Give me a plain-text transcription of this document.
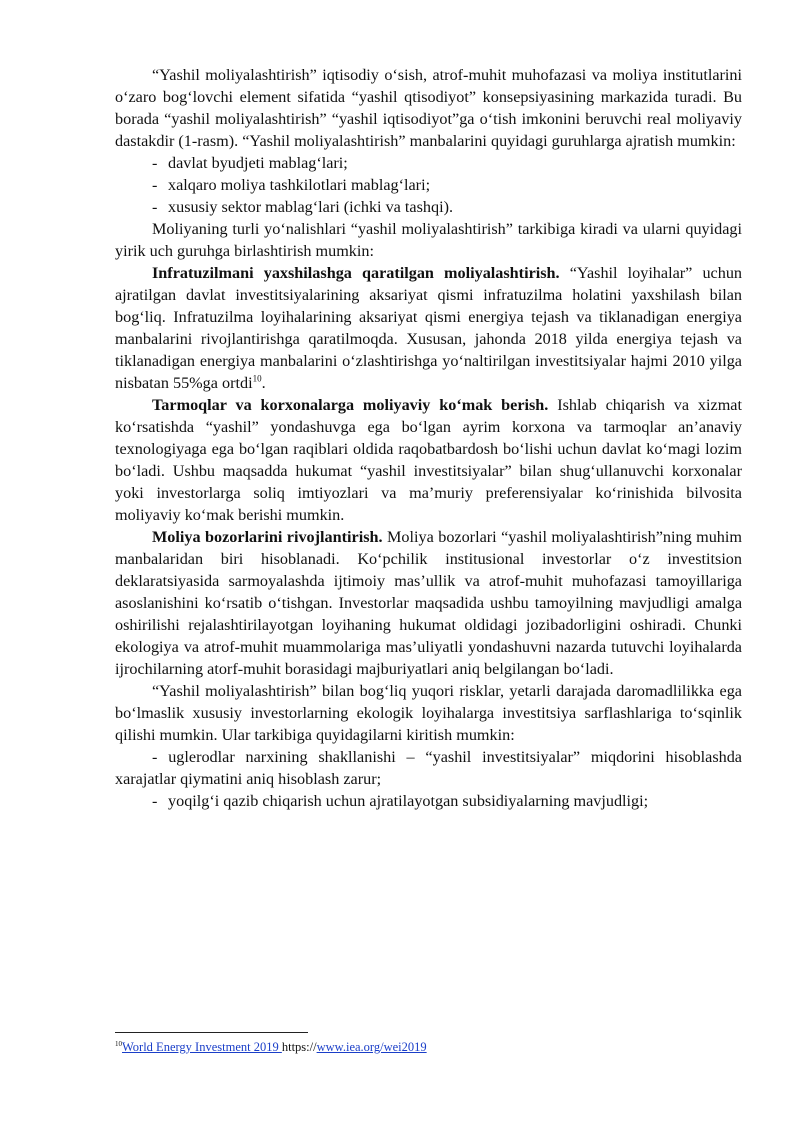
“Yashil moliyalashtirish” iqtisodiy o‘sish, atrof-muhit muhofazasi va moliya institutlarini o‘zaro bog‘lovchi element sifatida “yashil qtisodiyot” konsepsiyasining markazida turadi. Bu borada “yashil moliyalashtirish” “yashil iqtisodiyot”ga o‘tish imkonini beruvchi real moliyaviy dastakdir (1-rasm). “Yashil moliyalashtirish” manbalarini quyidagi guruhlarga ajratish mumkin:

- davlat byudjeti mablag‘lari;

- xalqaro moliya tashkilotlari mablag‘lari;

- xususiy sektor mablag‘lari (ichki va tashqi).

Moliyaning turli yo‘nalishlari “yashil moliyalashtirish” tarkibiga kiradi va ularni quyidagi yirik uch guruhga birlashtirish mumkin:

Infratuzilmani yaxshilashga qaratilgan moliyalashtirish. “Yashil loyihalar” uchun ajratilgan davlat investitsiyalarining aksariyat qismi infratuzilma holatini yaxshilash bilan bog‘liq. Infratuzilma loyihalarining aksariyat qismi energiya tejash va tiklanadigan energiya manbalarini rivojlantirishga qaratilmoqda. Xususan, jahonda 2018 yilda energiya tejash va tiklanadigan energiya manbalarini o‘zlashtirishga yo‘naltirilgan investitsiyalar hajmi 2010 yilga nisbatan 55%ga ortdi$^{10}$.

Tarmoqlar va korxonalarga moliyaviy ko‘mak berish. Ishlab chiqarish va xizmat ko‘rsatishda “yashil” yondashuvga ega bo‘lgan ayrim korxona va tarmoqlar an’anaviy texnologiyaga ega bo‘lgan raqiblari oldida raqobatbardosh bo‘lishi uchun davlat ko‘magi lozim bo‘ladi. Ushbu maqsadda hukumat “yashil investitsiyalar” bilan shug‘ullanuvchi korxonalar yoki investorlarga soliq imtiyozlari va ma’muriy preferensiyalar ko‘rinishida bilvosita moliyaviy ko‘mak berishi mumkin.

Moliya bozorlarini rivojlantirish. Moliya bozorlari “yashil moliyalashtirish”ning muhim manbalaridan biri hisoblanadi. Ko‘pchilik institusional investorlar o‘z investitsion deklaratsiyasida sarmoyalashda ijtimoiy mas’ullik va atrof-muhit muhofazasi tamoyillariga asoslanishini ko‘rsatib o‘tishgan. Investorlar maqsadida ushbu tamoyilning mavjudligi amalga oshirilishi rejalashtirilayotgan loyihaning hukumat oldidagi jozibadorligini oshiradi. Chunki ekologiya va atrof-muhit muammolariga mas’uliyatli yondashuvni nazarda tutuvchi loyihalarda ijrochilarning atorf-muhit borasidagi majburiyatlari aniq belgilangan bo‘ladi.

“Yashil moliyalashtirish” bilan bog‘liq yuqori risklar, yetarli darajada daromadlilikka ega bo‘lmaslik xususiy investorlarning ekologik loyihalarga investitsiya sarflashlariga to‘sqinlik qilishi mumkin. Ular tarkibiga quyidagilarni kiritish mumkin:

- uglerodlar narxining shakllanishi – “yashil investitsiyalar” miqdorini hisoblashda xarajatlar qiymatini aniq hisoblash zarur;

- yoqilg‘i qazib chiqarish uchun ajratilayotgan subsidiyalarning mavjudligi;

$^{10}$World Energy Investment 2019 https://www.iea.org/wei2019
